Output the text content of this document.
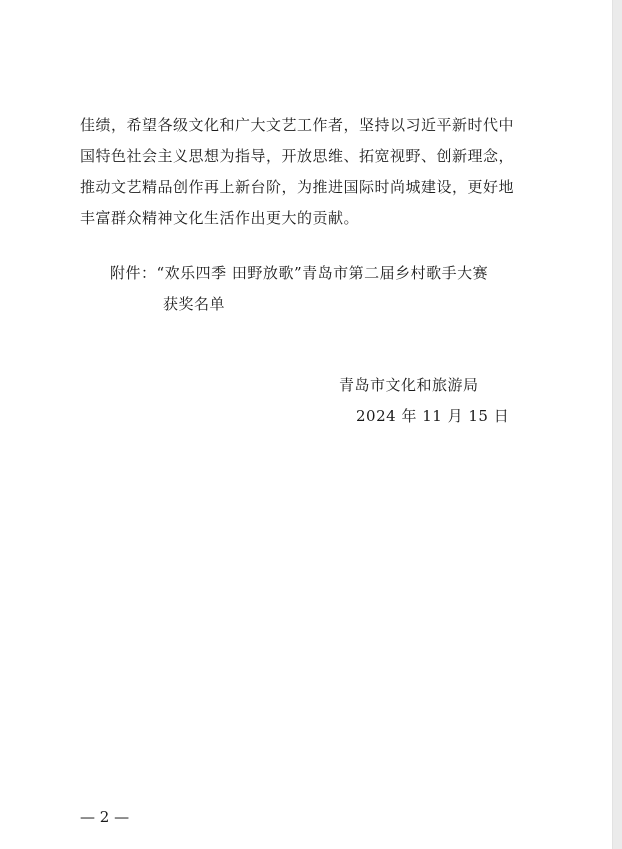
佳绩，希望各级文化和广大文艺工作者，坚持以习近平新时代中

国特色社会主义思想为指导，开放思维、拓宽视野、创新理念，

推动文艺精品创作再上新台阶，为推进国际时尚城建设，更好地

丰富群众精神文化生活作出更大的贡献。

附件：“欢乐四季 田野放歌”青岛市第二届乡村歌手大赛

获奖名单

青岛市文化和旅游局
2024 年 11 月 15 日
— 2 —
